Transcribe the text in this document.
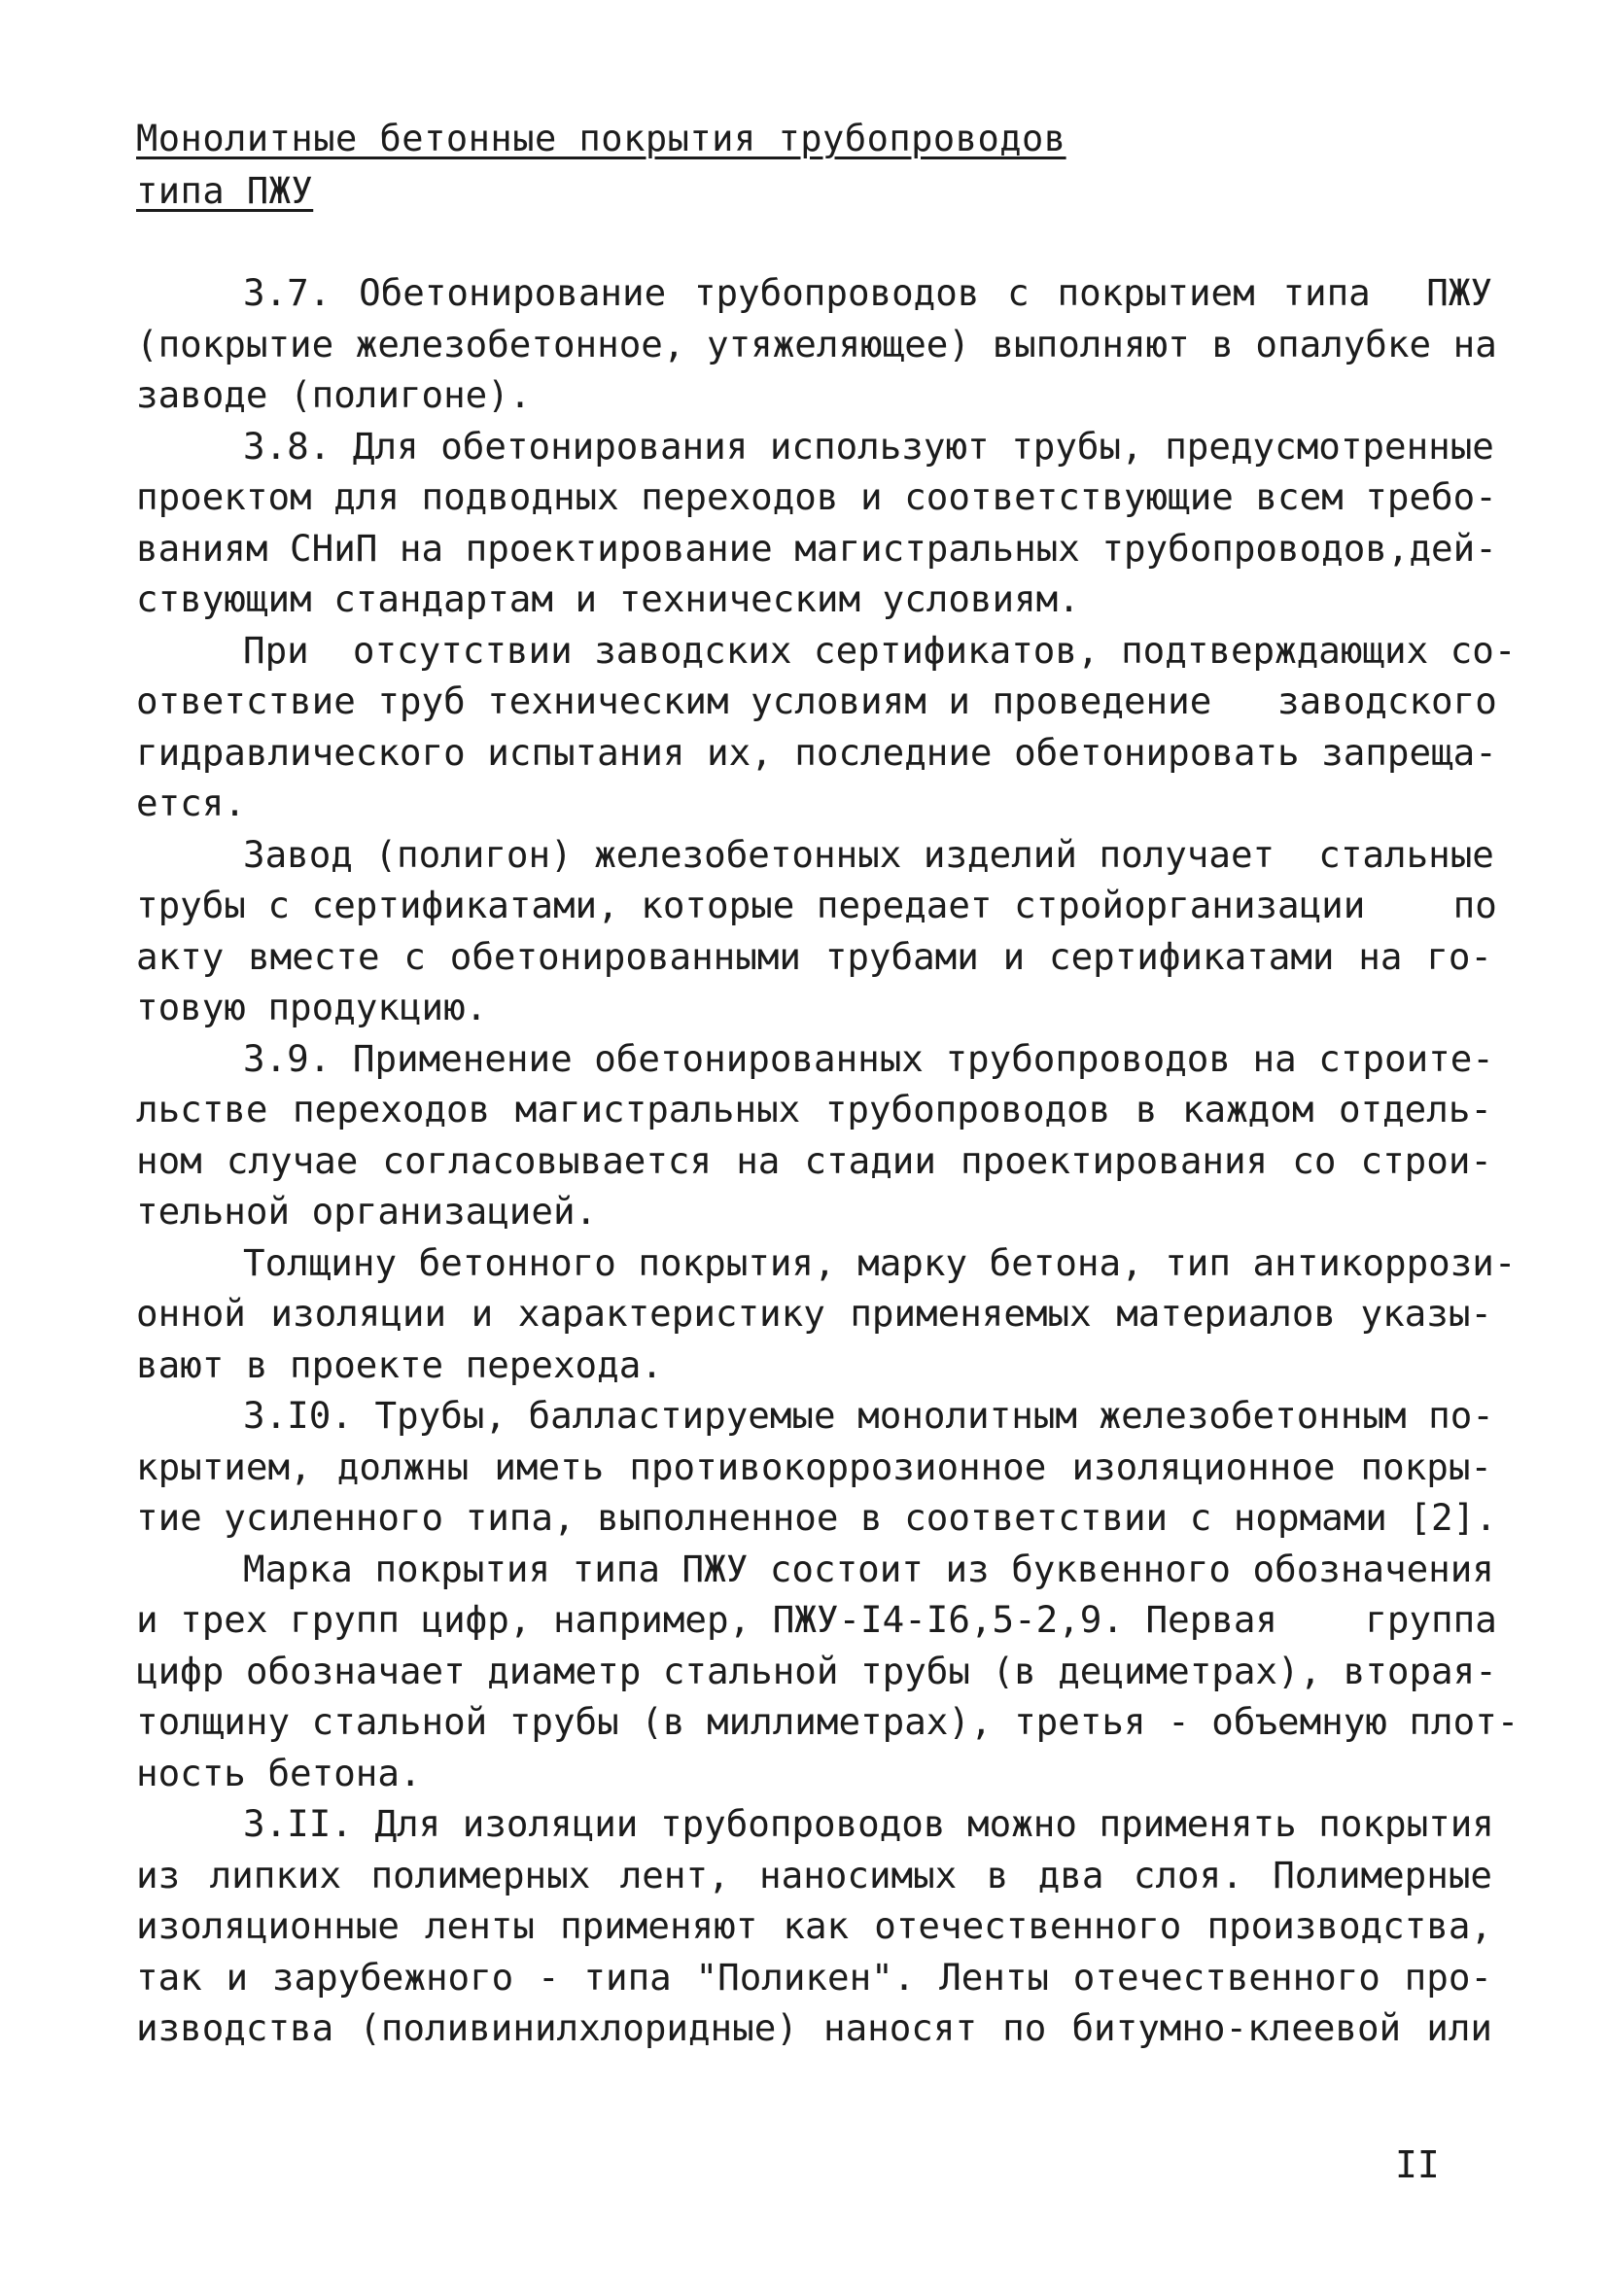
Монолитные бетонные покрытия трубопроводов
типа ПЖУ
3.7. Обетонирование трубопроводов с покрытием типа  ПЖУ
(покрытие железобетонное, утяжеляющее) выполняют в опалубке на
заводе (полигоне).
3.8. Для обетонирования используют трубы, предусмотренные
проектом для подводных переходов и соответствующие всем требо-
ваниям СНиП на проектирование магистральных трубопроводов,дей-
ствующим стандартам и техническим условиям.
При  отсутствии заводских сертификатов, подтверждающих со-
ответствие труб техническим условиям и проведение   заводского
гидравлического испытания их, последние обетонировать запреща-
ется.
Завод (полигон) железобетонных изделий получает  стальные
трубы с сертификатами, которые передает стройорганизации    по
акту вместе с обетонированными трубами и сертификатами на го-
товую продукцию.
3.9. Применение обетонированных трубопроводов на строите-
льстве переходов магистральных трубопроводов в каждом отдель-
ном случае согласовывается на стадии проектирования со строи-
тельной организацией.
Толщину бетонного покрытия, марку бетона, тип антикоррози-
онной изоляции и характеристику применяемых материалов указы-
вают в проекте перехода.
3.I0. Трубы, балластируемые монолитным железобетонным по-
крытием, должны иметь противокоррозионное изоляционное покры-
тие усиленного типа, выполненное в соответствии с нормами [2].
Марка покрытия типа ПЖУ состоит из буквенного обозначения
и трех групп цифр, например, ПЖУ-I4-I6,5-2,9. Первая    группа
цифр обозначает диаметр стальной трубы (в дециметрах), вторая-
толщину стальной трубы (в миллиметрах), третья - объемную плот-
ность бетона.
3.II. Для изоляции трубопроводов можно применять покрытия
из липких полимерных лент, наносимых в два слоя. Полимерные
изоляционные ленты применяют как отечественного производства,
так и зарубежного - типа "Поликен". Ленты отечественного про-
изводства (поливинилхлоридные) наносят по битумно-клеевой или
II
